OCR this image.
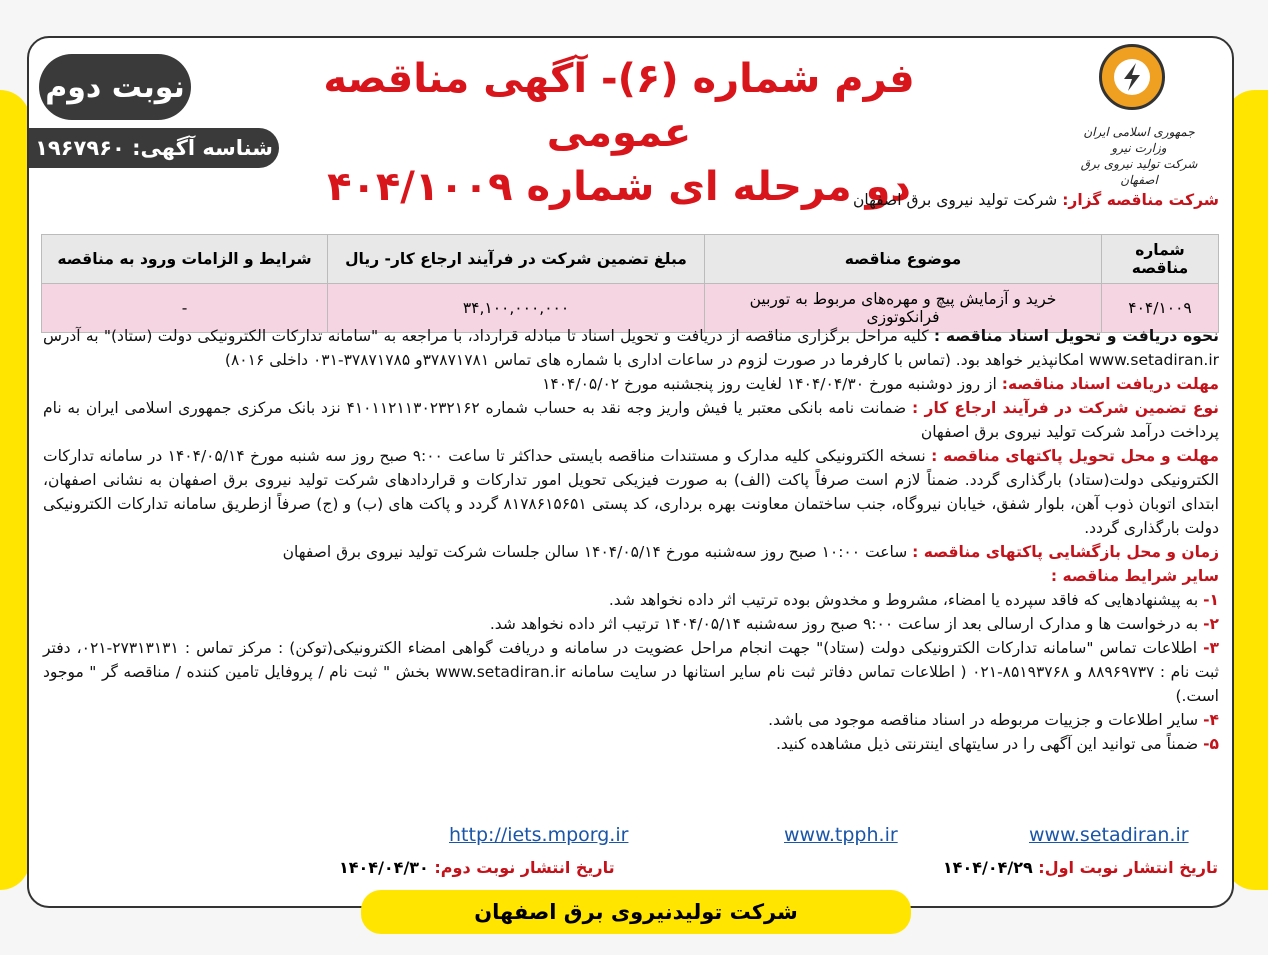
نوبت دوم
شناسه آگهی: ۱۹۶۷۹۶۰
فرم شماره (۶)- آگهی مناقصه عمومی
دو مرحله ای شماره ۴۰۴/۱۰۰۹
جمهوری اسلامی ایران
وزارت نیرو
شرکت تولید نیروی برق اصفهان
شرکت مناقصه گزار: شرکت تولید نیروی برق اصفهان
شماره مناقصه	موضوع مناقصه	مبلغ تضمین شرکت در فرآیند ارجاع کار- ریال	شرایط و الزامات ورود به مناقصه
۴۰۴/۱۰۰۹	خرید و آزمایش پیچ و مهره‌های مربوط به توربین فرانکوتوزی	۳۴,۱۰۰,۰۰۰,۰۰۰	-
نحوه دریافت و تحویل اسناد مناقصه : کلیه مراحل برگزاری مناقصه از دریافت و تحویل اسناد تا مبادله قرارداد، با مراجعه به "سامانه تدارکات الکترونیکی دولت (ستاد)" به آدرس www.setadiran.ir امکانپذیر خواهد بود. (تماس با کارفرما در صورت لزوم در ساعات اداری با شماره های تماس ۳۷۸۷۱۷۸۱و ۳۷۸۷۱۷۸۵-۰۳۱ داخلی ۸۰۱۶)
مهلت دریافت اسناد مناقصه: از روز دوشنبه مورخ ۱۴۰۴/۰۴/۳۰ لغایت روز پنجشنبه مورخ ۱۴۰۴/۰۵/۰۲
نوع تضمین شرکت در فرآیند ارجاع کار : ضمانت نامه بانکی معتبر یا فیش واریز وجه نقد به حساب شماره ۴۱۰۱۱۲۱۱۳۰۲۳۲۱۶۲ نزد بانک مرکزی جمهوری اسلامی ایران به نام پرداخت درآمد شرکت تولید نیروی برق اصفهان
مهلت و محل تحویل پاکتهای مناقصه : نسخه الکترونیکی کلیه مدارک و مستندات مناقصه بایستی حداکثر تا ساعت ۹:۰۰ صبح روز سه شنبه مورخ ۱۴۰۴/۰۵/۱۴ در سامانه تدارکات الکترونیکی دولت(ستاد) بارگذاری گردد. ضمناً لازم است صرفاً پاکت (الف) به صورت فیزیکی تحویل امور تدارکات و قراردادهای شرکت تولید نیروی برق اصفهان به نشانی اصفهان، ابتدای اتوبان ذوب آهن، بلوار شفق، خیابان نیروگاه، جنب ساختمان معاونت بهره برداری، کد پستی ۸۱۷۸۶۱۵۶۵۱ گردد و پاکت های (ب) و (ج) صرفاً ازطریق سامانه تدارکات الکترونیکی دولت بارگذاری گردد.
زمان و محل بازگشایی پاکتهای مناقصه : ساعت ۱۰:۰۰ صبح روز سه‌شنبه مورخ ۱۴۰۴/۰۵/۱۴ سالن جلسات شرکت تولید نیروی برق اصفهان
سایر شرایط مناقصه :
۱- به پیشنهادهایی که فاقد سپرده یا امضاء، مشروط و مخدوش بوده ترتیب اثر داده نخواهد شد.
۲- به درخواست ها و مدارک ارسالی بعد از ساعت ۹:۰۰ صبح روز سه‌شنبه ۱۴۰۴/۰۵/۱۴ ترتیب اثر داده نخواهد شد.
۳- اطلاعات تماس "سامانه تدارکات الکترونیکی دولت (ستاد)" جهت انجام مراحل عضویت در سامانه و دریافت گواهی امضاء الکترونیکی(توکن) : مرکز تماس : ۲۷۳۱۳۱۳۱-۰۲۱، دفتر ثبت نام : ۸۸۹۶۹۷۳۷ و ۸۵۱۹۳۷۶۸-۰۲۱ ( اطلاعات تماس دفاتر ثبت نام سایر استانها در سایت سامانه www.setadiran.ir بخش " ثبت نام / پروفایل تامین کننده / مناقصه گر " موجود است.)
۴- سایر اطلاعات و جزییات مربوطه در اسناد مناقصه موجود می باشد.
۵- ضمناً می توانید این آگهی را در سایتهای اینترنتی ذیل مشاهده کنید.
www.setadiran.ir
www.tpph.ir
http://iets.mporg.ir
تاریخ انتشار نوبت اول: ۱۴۰۴/۰۴/۲۹
تاریخ انتشار نوبت دوم: ۱۴۰۴/۰۴/۳۰
شرکت تولیدنیروی برق اصفهان
